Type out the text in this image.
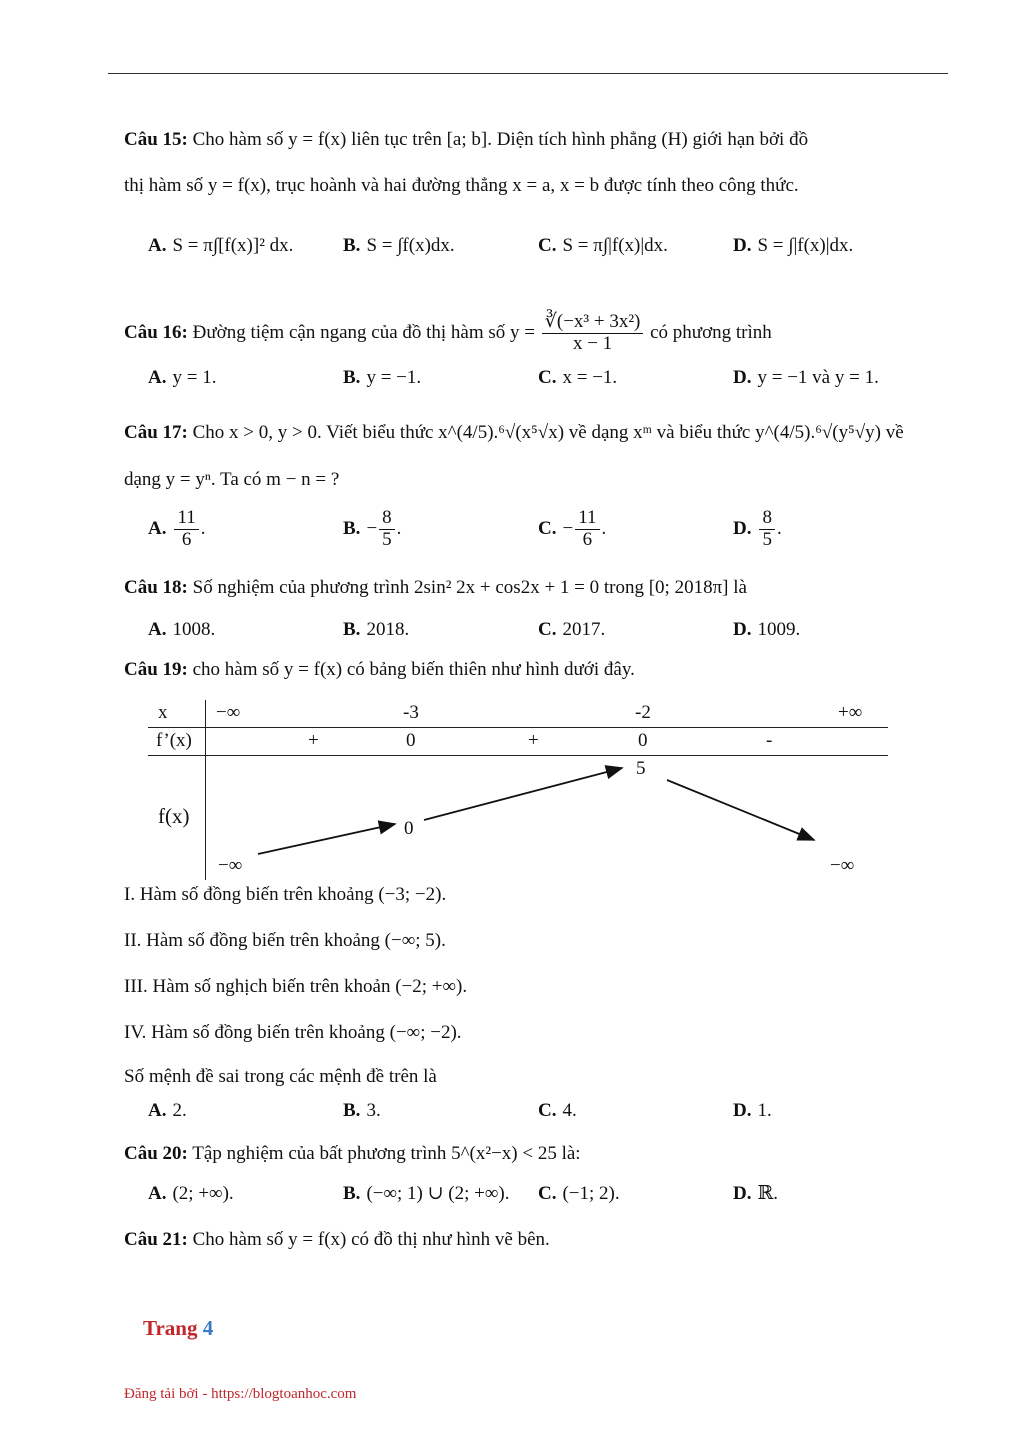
Câu 15: Cho hàm số y = f(x) liên tục trên [a; b]. Diện tích hình phẳng (H) giới hạn bởi đồ
thị hàm số y = f(x), trục hoành và hai đường thẳng x = a, x = b được tính theo công thức.
A. S = π∫[f(x)]² dx.	B. S = ∫f(x)dx.	C. S = π∫|f(x)|dx.	D. S = ∫|f(x)|dx.
Câu 16: Đường tiệm cận ngang của đồ thị hàm số $y = \frac{\text{∛(−x³ + 3x²)}}{x - 1}$ có phương trình
A. y = 1.	B. y = −1.	C. x = −1.	D. y = −1 và y = 1.
Câu 17: Cho x > 0, y > 0. Viết biểu thức x^(4/5).⁶√(x⁵√x) về dạng xᵐ và biểu thức y^(4/5).⁶√(y⁵√y) về
dạng y = yⁿ. Ta có m − n = ?
A. $\frac{11}{6}$ .	B. − $\frac{8}{5}$ .	C. − $\frac{11}{6}$ .	D. $\frac{8}{5}$ .
Câu 18: Số nghiệm của phương trình 2sin² 2x + cos2x + 1 = 0 trong [0; 2018π] là
A. 1008.	B. 2018.	C. 2017.	D. 1009.
Câu 19: cho hàm số y = f(x) có bảng biến thiên như hình dưới đây.
x	−∞	-3	-2	+∞
f’(x)	+	0	+	0	-
f(x)
−∞
0
5
−∞
I. Hàm số đồng biến trên khoảng (−3; −2).
II. Hàm số đồng biến trên khoảng (−∞; 5).
III. Hàm số nghịch biến trên khoản (−2; +∞).
IV. Hàm số đồng biến trên khoảng (−∞; −2).
Số mệnh đề sai trong các mệnh đề trên là
A. 2.	B. 3.	C. 4.	D. 1.
Câu 20: Tập nghiệm của bất phương trình 5^(x²−x) < 25 là:
A. (2; +∞).	B. (−∞; 1) ∪ (2; +∞). C. (−1; 2).	D. ℝ.
Câu 21: Cho hàm số y = f(x) có đồ thị như hình vẽ bên.
Trang 4
Đăng tải bởi - https://blogtoanhoc.com
